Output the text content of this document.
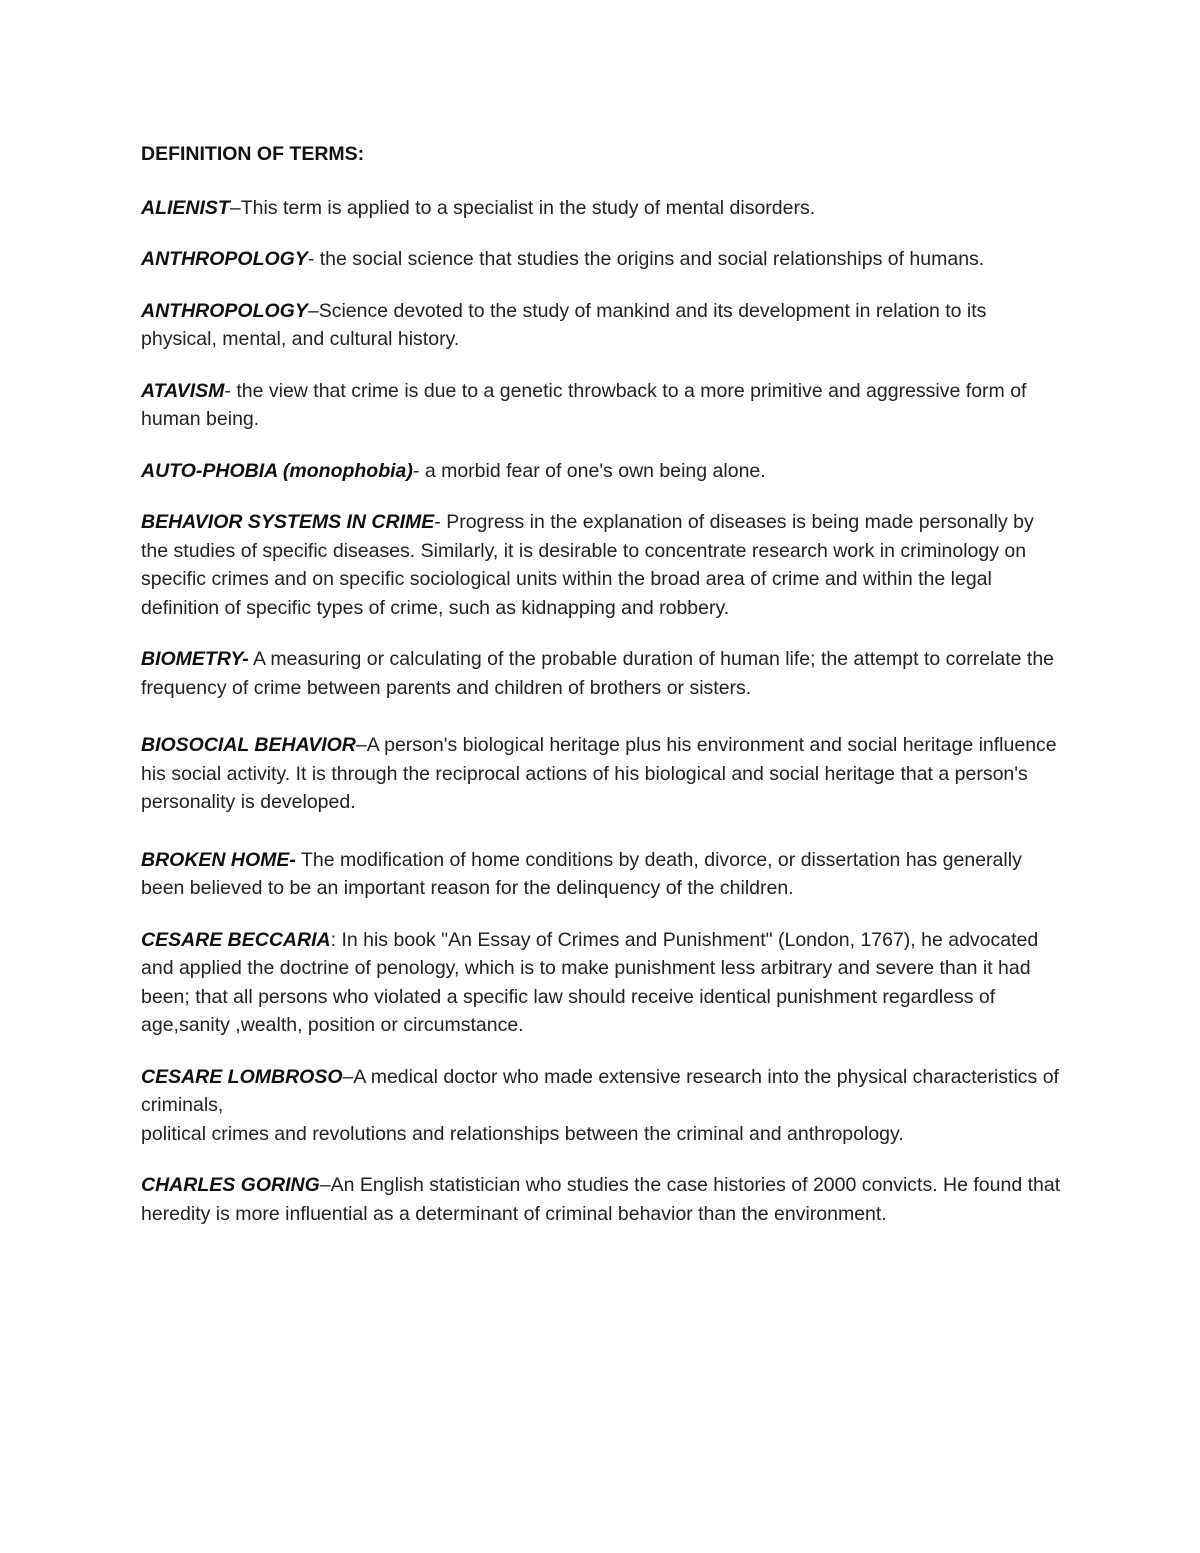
DEFINITION OF TERMS:

ALIENIST–This term is applied to a specialist in the study of mental disorders.

ANTHROPOLOGY- the social science that studies the origins and social relationships of humans.

ANTHROPOLOGY–Science devoted to the study of mankind and its development in relation to its physical, mental, and cultural history.

ATAVISM- the view that crime is due to a genetic throwback to a more primitive and aggressive form of human being.

AUTO-PHOBIA (monophobia)- a morbid fear of one's own being alone.

BEHAVIOR SYSTEMS IN CRIME- Progress in the explanation of diseases is being made personally by the studies of specific diseases. Similarly, it is desirable to concentrate research work in criminology on specific crimes and on specific sociological units within the broad area of crime and within the legal definition of specific types of crime, such as kidnapping and robbery.

BIOMETRY- A measuring or calculating of the probable duration of human life; the attempt to correlate the frequency of crime between parents and children of brothers or sisters.

BIOSOCIAL BEHAVIOR–A person's biological heritage plus his environment and social heritage influence his social activity. It is through the reciprocal actions of his biological and social heritage that a person's personality is developed.

BROKEN HOME- The modification of home conditions by death, divorce, or dissertation has generally been believed to be an important reason for the delinquency of the children.

CESARE BECCARIA: In his book "An Essay of Crimes and Punishment" (London, 1767), he advocated and applied the doctrine of penology, which is to make punishment less arbitrary and severe than it had been; that all persons who violated a specific law should receive identical punishment regardless of age,sanity ,wealth, position or circumstance.

CESARE LOMBROSO–A medical doctor who made extensive research into the physical characteristics of criminals,
political crimes and revolutions and relationships between the criminal and anthropology.

CHARLES GORING–An English statistician who studies the case histories of 2000 convicts. He found that heredity is more influential as a determinant of criminal behavior than the environment.
